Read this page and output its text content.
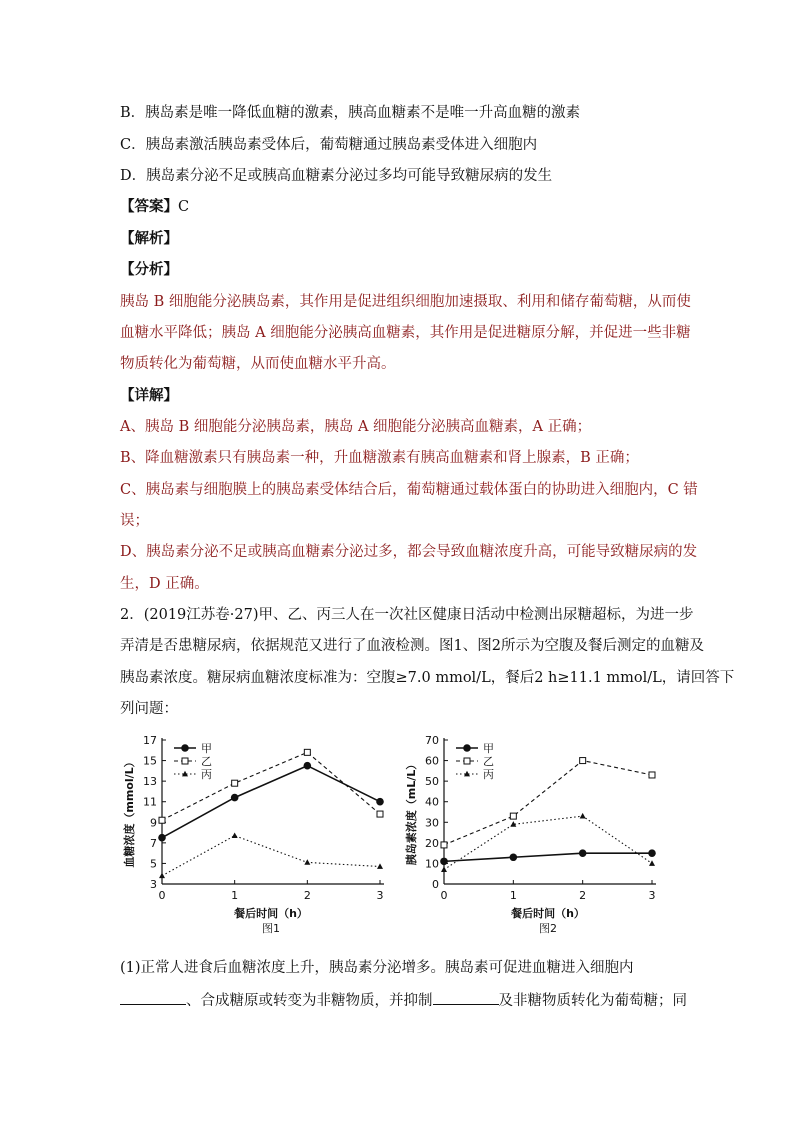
B．胰岛素是唯一降低血糖的激素，胰高血糖素不是唯一升高血糖的激素
C．胰岛素激活胰岛素受体后，葡萄糖通过胰岛素受体进入细胞内
D．胰岛素分泌不足或胰高血糖素分泌过多均可能导致糖尿病的发生
【答案】C
【解析】
【分析】
胰岛 B 细胞能分泌胰岛素，其作用是促进组织细胞加速摄取、利用和储存葡萄糖，从而使
血糖水平降低；胰岛 A 细胞能分泌胰高血糖素，其作用是促进糖原分解，并促进一些非糖
物质转化为葡萄糖，从而使血糖水平升高。
【详解】
A、胰岛 B 细胞能分泌胰岛素，胰岛 A 细胞能分泌胰高血糖素，A 正确；
B、降血糖激素只有胰岛素一种，升血糖激素有胰高血糖素和肾上腺素，B 正确；
C、胰岛素与细胞膜上的胰岛素受体结合后，葡萄糖通过载体蛋白的协助进入细胞内，C 错
误；
D、胰岛素分泌不足或胰高血糖素分泌过多，都会导致血糖浓度升高，可能导致糖尿病的发
生，D 正确。
2．(2019江苏卷·27)甲、乙、丙三人在一次社区健康日活动中检测出尿糖超标，为进一步
弄清是否患糖尿病，依据规范又进行了血液检测。图1、图2所示为空腹及餐后测定的血糖及
胰岛素浓度。糖尿病血糖浓度标准为：空腹≥7.0 mmol/L，餐后2 h≥11.1 mmol/L，请回答下
列问题：
3
5
7
9
11
13
15
17
0	1	2	3
餐后时间（h）
图1
血糖浓度（mmol/L）
甲
乙
丙
0
10
20
30
40
50
60
70
0	1	2	3
餐后时间（h）
图2
胰岛素浓度（mL/L）
甲
乙
丙
(1)正常人进食后血糖浓度上升，胰岛素分泌增多。胰岛素可促进血糖进入细胞内
、合成糖原或转变为非糖物质，并抑制	及非糖物质转化为葡萄糖；同
